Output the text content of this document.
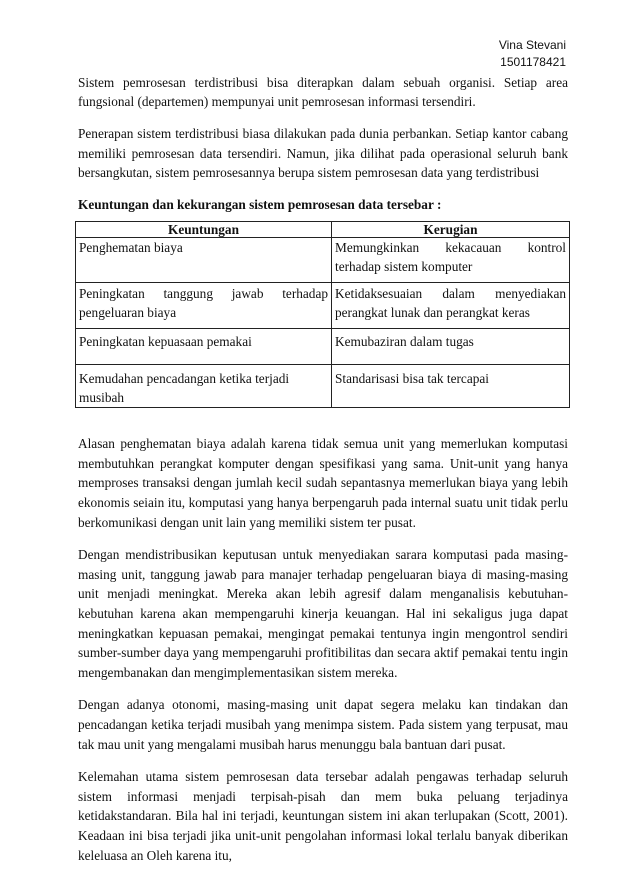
Vina Stevani
1501178421

Sistem pemrosesan terdistribusi bisa diterapkan dalam sebuah organisi. Setiap area fungsional (departemen) mempunyai unit pemrosesan informasi tersendiri.

Penerapan sistem terdistribusi biasa dilakukan pada dunia perbankan. Setiap kantor cabang memiliki pemrosesan data tersendiri. Namun, jika dilihat pada operasional seluruh bank bersangkutan, sistem pemrosesannya berupa sistem pemrosesan data yang terdistribusi

Keuntungan dan kekurangan sistem pemrosesan data tersebar :

Keuntungan	Kerugian
Penghematan biaya	Memungkinkan kekacauan kontrol terhadap sistem komputer
Peningkatan tanggung jawab terhadap pengeluaran biaya	Ketidaksesuaian dalam menyediakan perangkat lunak dan perangkat keras
Peningkatan kepuasaan pemakai	Kemubaziran dalam tugas
Kemudahan pencadangan ketika terjadi musibah	Standarisasi bisa tak tercapai

Alasan penghematan biaya adalah karena tidak semua unit yang memerlukan komputasi membutuhkan perangkat komputer dengan spesifikasi yang sama. Unit-unit yang hanya memproses transaksi dengan jumlah kecil sudah sepantasnya memerlukan biaya yang lebih ekonomis seiain itu, komputasi yang hanya berpengaruh pada internal suatu unit tidak perlu berkomunikasi dengan unit lain yang memiliki sistem ter pusat.

Dengan mendistribusikan keputusan untuk menyediakan sarara komputasi pada masing-masing unit, tanggung jawab para manajer terhadap pengeluaran biaya di masing-masing unit menjadi meningkat. Mereka akan lebih agresif dalam menganalisis kebutuhan-kebutuhan karena akan mempengaruhi kinerja keuangan. Hal ini sekaligus juga dapat meningkatkan kepuasan pemakai, mengingat pemakai tentunya ingin mengontrol sendiri sumber-sumber daya yang mempengaruhi profitibilitas dan secara aktif pemakai tentu ingin mengembanakan dan mengimplementasikan sistem mereka.

Dengan adanya otonomi, masing-masing unit dapat segera melaku kan tindakan dan pencadangan ketika terjadi musibah yang menimpa sistem. Pada sistem yang terpusat, mau tak mau unit yang mengalami musibah harus menunggu bala bantuan dari pusat.

Kelemahan utama sistem pemrosesan data tersebar adalah pengawas terhadap seluruh sistem informasi menjadi terpisah-pisah dan mem buka peluang terjadinya ketidakstandaran. Bila hal ini terjadi, keuntungan sistem ini akan terlupakan (Scott, 2001). Keadaan ini bisa terjadi jika unit-unit pengolahan informasi lokal terlalu banyak diberikan keleluasa an Oleh karena itu,
